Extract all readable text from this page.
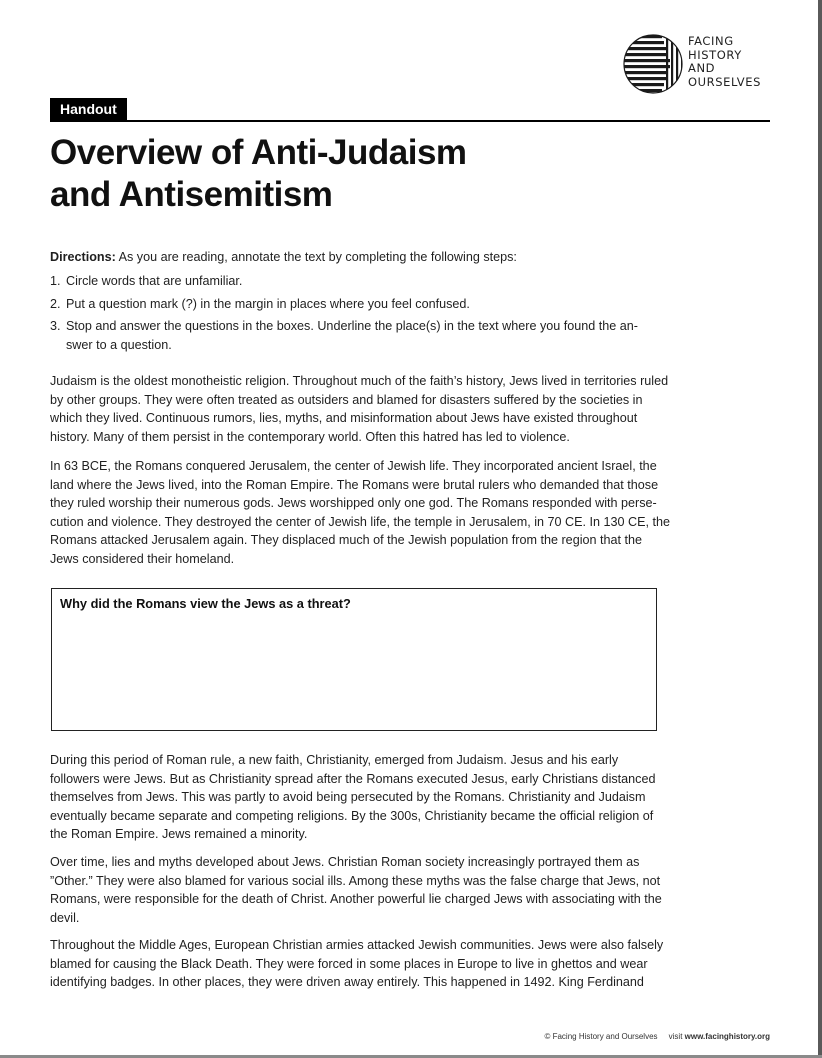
FACING
HISTORY
AND
OURSELVES
Handout
Overview of Anti-Judaism
and Antisemitism

Directions: As you are reading, annotate the text by completing the following steps:

1. Circle words that are unfamiliar.
2. Put a question mark (?) in the margin in places where you feel confused.
3. Stop and answer the questions in the boxes. Underline the place(s) in the text where you found the an-swer to a question.

Judaism is the oldest monotheistic religion. Throughout much of the faith’s history, Jews lived in territories ruled by other groups. They were often treated as outsiders and blamed for disasters suffered by the societies in which they lived. Continuous rumors, lies, myths, and misinformation about Jews have existed throughout history. Many of them persist in the contemporary world. Often this hatred has led to violence.

In 63 BCE, the Romans conquered Jerusalem, the center of Jewish life. They incorporated ancient Israel, the land where the Jews lived, into the Roman Empire. The Romans were brutal rulers who demanded that those they ruled worship their numerous gods. Jews worshipped only one god. The Romans responded with perse-cution and violence. They destroyed the center of Jewish life, the temple in Jerusalem, in 70 CE. In 130 CE, the Romans attacked Jerusalem again. They displaced much of the Jewish population from the region that the Jews considered their homeland.

Why did the Romans view the Jews as a threat?

During this period of Roman rule, a new faith, Christianity, emerged from Judaism. Jesus and his early followers were Jews. But as Christianity spread after the Romans executed Jesus, early Christians distanced themselves from Jews. This was partly to avoid being persecuted by the Romans. Christianity and Judaism eventually became separate and competing religions. By the 300s, Christianity became the official religion of the Roman Empire. Jews remained a minority.

Over time, lies and myths developed about Jews. Christian Roman society increasingly portrayed them as ”Other.” They were also blamed for various social ills. Among these myths was the false charge that Jews, not Romans, were responsible for the death of Christ. Another powerful lie charged Jews with associating with the devil.

Throughout the Middle Ages, European Christian armies attacked Jewish communities. Jews were also falsely blamed for causing the Black Death. They were forced in some places in Europe to live in ghettos and wear identifying badges. In other places, they were driven away entirely. This happened in 1492. King Ferdinand

© Facing History and Ourselves visit www.facinghistory.org
